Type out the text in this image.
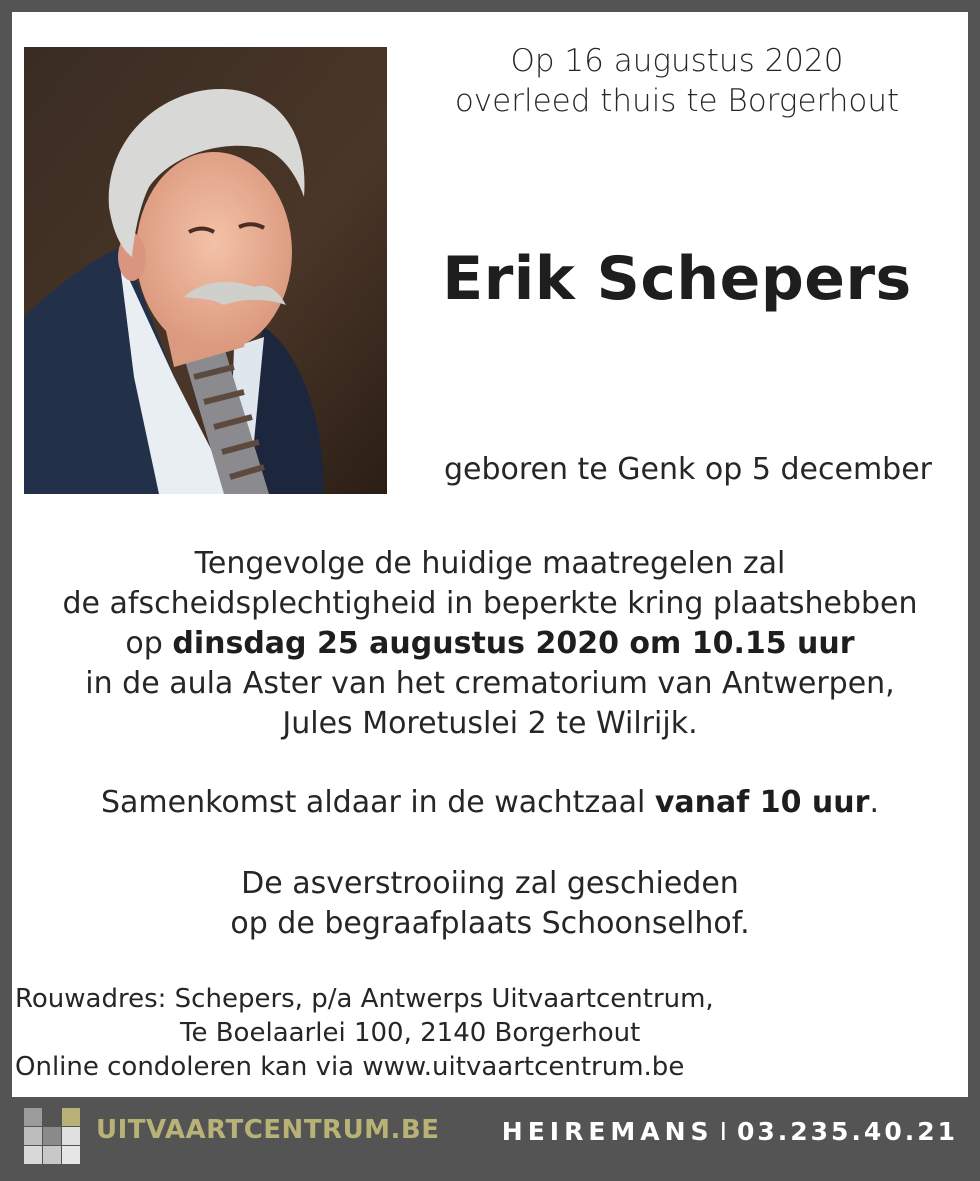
Op 16 augustus 2020
overleed thuis te Borgerhout
Erik Schepers
geboren te Genk op 5 december
Tengevolge de huidige maatregelen zal
de afscheidsplechtigheid in beperkte kring plaatshebben
op dinsdag 25 augustus 2020 om 10.15 uur
in de aula Aster van het crematorium van Antwerpen,
Jules Moretuslei 2 te Wilrijk.
Samenkomst aldaar in de wachtzaal vanaf 10 uur.
De asverstrooiing zal geschieden
op de begraafplaats Schoonselhof.
Rouwadres: Schepers, p/a Antwerps Uitvaartcentrum,
Te Boelaarlei 100, 2140 Borgerhout
Online condoleren kan via www.uitvaartcentrum.be
UITVAARTCENTRUM.BE HEIREMANS I 03.235.40.21
